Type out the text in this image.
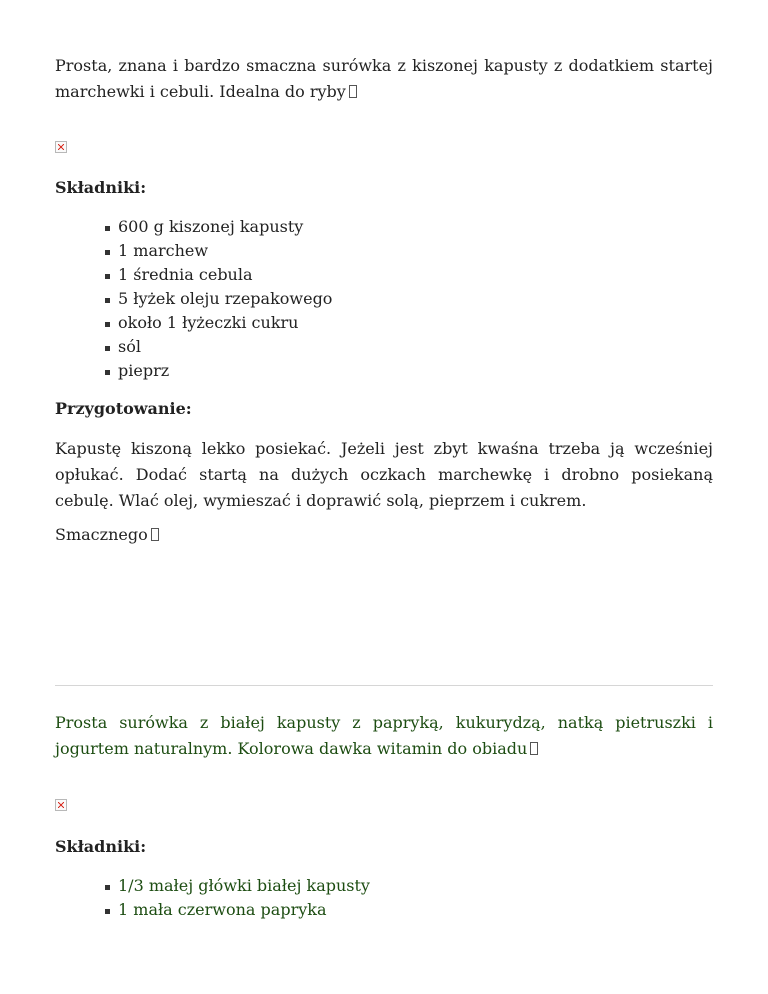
Prosta, znana i bardzo smaczna surówka z kiszonej kapusty z dodatkiem startej marchewki i cebuli. Idealna do ryby

Składniki:
600 g kiszonej kapusty
1 marchew
1 średnia cebula
5 łyżek oleju rzepakowego
około 1 łyżeczki cukru
sól
pieprz
Przygotowanie:

Kapustę kiszoną lekko posiekać. Jeżeli jest zbyt kwaśna trzeba ją wcześniej opłukać. Dodać startą na dużych oczkach marchewkę i drobno posiekaną cebulę. Wlać olej, wymieszać i doprawić solą, pieprzem i cukrem.

Smacznego

Prosta surówka z białej kapusty z papryką, kukurydzą, natką pietruszki i jogurtem naturalnym. Kolorowa dawka witamin do obiadu

Składniki:
1/3 małej główki białej kapusty
1 mała czerwona papryka
